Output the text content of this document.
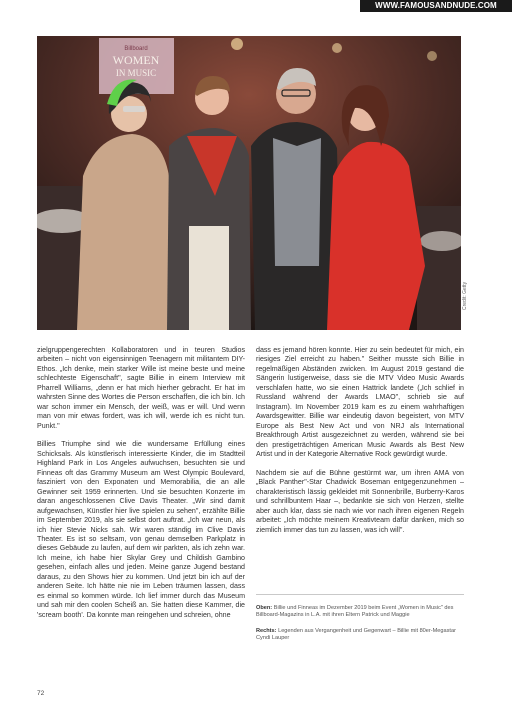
WWW.FAMOUSANDNUDE.COM
Billboard
WOMEN
IN MUSIC
Credit: Getty

zielgruppengerechten Kollaboratoren und in teuren Studios arbeiten – nicht von eigensinnigen Teenagern mit militantem DIY-Ethos. „Ich denke, mein starker Wille ist meine beste und meine schlechteste Eigenschaft", sagte Billie in einem Interview mit Pharrell Williams, „denn er hat mich hierher gebracht. Er hat im wahrsten Sinne des Wortes die Person erschaffen, die ich bin. Ich war schon immer ein Mensch, der weiß, was er will. Und wenn man von mir etwas fordert, was ich will, werde ich es nicht tun. Punkt."

Billies Triumphe sind wie die wundersame Erfüllung eines Schicksals. Als künstlerisch interessierte Kinder, die im Stadtteil Highland Park in Los Angeles aufwuchsen, besuchten sie und Finneas oft das Grammy Museum am West Olympic Boulevard, fasziniert von den Exponaten und Memorabilia, die an alle Gewinner seit 1959 erinnerten. Und sie besuchten Konzerte im daran angeschlossenen Clive Davis Theater. „Wir sind damit aufgewachsen, Künstler hier live spielen zu sehen", erzählte Billie im September 2019, als sie selbst dort auftrat. „Ich war neun, als ich hier Stevie Nicks sah. Wir waren ständig im Clive Davis Theater. Es ist so seltsam, von genau demselben Parkplatz in dieses Gebäude zu laufen, auf dem wir parkten, als ich zehn war. Ich meine, ich habe hier Skylar Grey und Childish Gambino gesehen, einfach alles und jeden. Meine ganze Jugend bestand daraus, zu den Shows hier zu kommen. Und jetzt bin ich auf der anderen Seite. Ich hätte nie nie im Leben träumen lassen, dass es einmal so kommen würde. Ich lief immer durch das Museum und sah mir den coolen Scheiß an. Sie hatten diese Kammer, die 'scream booth'. Da konnte man reingehen und schreien, ohne

dass es jemand hören konnte. Hier zu sein bedeutet für mich, ein riesiges Ziel erreicht zu haben." Seither musste sich Billie in regelmäßigen Abständen zwicken. Im August 2019 gestand die Sängerin lustigerweise, dass sie die MTV Video Music Awards verschlafen hatte, wo sie einen Hattrick landete („Ich schlief in Russland während der Awards LMAO", schrieb sie auf Instagram). Im November 2019 kam es zu einem wahrhaftigen Awardsgewitter. Billie war eindeutig davon begeistert, von MTV Europe als Best New Act und von NRJ als International Breakthrough Artist ausgezeichnet zu werden, während sie bei den prestigeträchtigen American Music Awards als Best New Artist und in der Kategorie Alternative Rock gewürdigt wurde.

Nachdem sie auf die Bühne gestürmt war, um ihren AMA von „Black Panther"-Star Chadwick Boseman entgegenzunehmen – charakteristisch lässig gekleidet mit Sonnenbrille, Burberry-Karos und schrillbuntem Haar –, bedankte sie sich von Herzen, stellte aber auch klar, dass sie nach wie vor nach ihren eigenen Regeln arbeitet: „Ich möchte meinem Kreativteam dafür danken, mich so ziemlich immer das tun zu lassen, was ich will".

Oben: Billie und Finneas im Dezember 2019 beim Event „Women in Music" des Billboard-Magazins in L.A. mit ihren Eltern Patrick und Maggie

Rechts: Legenden aus Vergangenheit und Gegenwart – Billie mit 80er-Megastar Cyndi Lauper

72
